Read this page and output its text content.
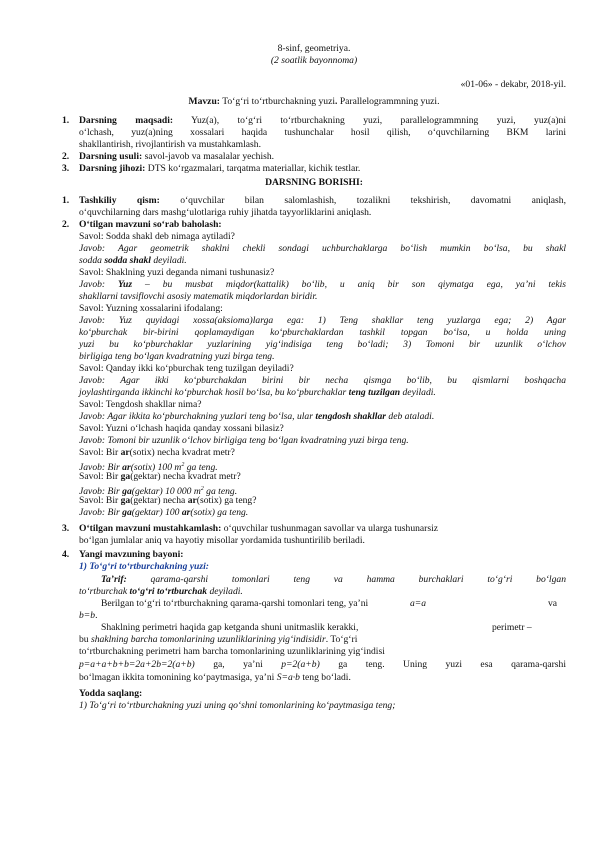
8-sinf, geometriya.
(2 soatlik bayonnoma)
«01-06» - dekabr, 2018-yil.
Mavzu: To‘g‘ri to‘rtburchakning yuzi. Parallelogrammning yuzi.
1. Darsning maqsadi: Yuz(a), to‘g‘ri to‘rtburchakning yuzi, parallelogrammning yuzi, yuz(a)ni
o‘lchash, yuz(a)ning xossalari haqida tushunchalar hosil qilish, o‘quvchilarning BKM larini
shakllantirish, rivojlantirish va mustahkamlash.
2. Darsning usuli: savol-javob va masalalar yechish.
3. Darsning jihozi: DTS ko‘rgazmalari, tarqatma materiallar, kichik testlar.
DARSNING BORISHI:
1. Tashkiliy qism: o‘quvchilar bilan salomlashish, tozalikni tekshirish, davomatni aniqlash,
o‘quvchilarning dars mashg‘ulotlariga ruhiy jihatda tayyorliklarini aniqlash.
2. O‘tilgan mavzuni so‘rab baholash:
Savol: Sodda shakl deb nimaga aytiladi?
Javob: Agar geometrik shaklni chekli sondagi uchburchaklarga bo‘lish mumkin bo‘lsa, bu shakl
sodda sodda shakl deyiladi.
Savol: Shaklning yuzi deganda nimani tushunasiz?
Javob: Yuz – bu musbat miqdor(kattalik) bo‘lib, u aniq bir son qiymatga ega, ya’ni tekis
shakllarni tavsiflovchi asosiy matematik miqdorlardan biridir.
Savol: Yuzning xossalarini ifodalang:
Javob: Yuz quyidagi xossa(aksioma)larga ega: 1) Teng shakllar teng yuzlarga ega; 2) Agar
ko‘pburchak bir-birini qoplamaydigan ko‘pburchaklardan tashkil topgan bo‘lsa, u holda uning
yuzi bu ko‘pburchaklar yuzlarining yig‘indisiga teng bo‘ladi; 3) Tomoni bir uzunlik o‘lchov
birligiga teng bo‘lgan kvadratning yuzi birga teng.
Savol: Qanday ikki ko‘pburchak teng tuzilgan deyiladi?
Javob: Agar ikki ko‘pburchakdan birini bir necha qismga bo‘lib, bu qismlarni boshqacha
joylashtirganda ikkinchi ko‘pburchak hosil bo‘lsa, bu ko‘pburchaklar teng tuzilgan deyiladi.
Savol: Tengdosh shakllar nima?
Javob: Agar ikkita ko‘pburchakning yuzlari teng bo‘lsa, ular tengdosh shakllar deb ataladi.
Savol: Yuzni o‘lchash haqida qanday xossani bilasiz?
Javob: Tomoni bir uzunlik o‘lchov birligiga teng bo‘lgan kvadratning yuzi birga teng.
Savol: Bir ar(sotix) necha kvadrat metr?
Javob: Bir ar(sotix) 100 $m^2$ ga teng.
Savol: Bir ga(gektar) necha kvadrat metr?
Javob: Bir ga(gektar) 10 000 $m^2$ ga teng.
Savol: Bir ga(gektar) necha ar(sotix) ga teng?
Javob: Bir ga(gektar) 100 ar(sotix) ga teng.
3. O‘tilgan mavzuni mustahkamlash: o‘quvchilar tushunmagan savollar va ularga tushunarsiz
bo‘lgan jumlalar aniq va hayotiy misollar yordamida tushuntirilib beriladi.
4. Yangi mavzuning bayoni:
1) To‘g‘ri to‘rtburchakning yuzi:
Ta’rif: qarama-qarshi tomonlari teng va hamma burchaklari to‘g‘ri bo‘lgan
to‘rtburchak to‘g‘ri to‘rtburchak deyiladi.
Berilgan to‘g‘ri to‘rtburchakning qarama-qarshi tomonlari teng, ya’ni	a=a	va
b=b.
Shaklning perimetri haqida gap ketganda shuni unitmaslik kerakki,	perimetr –
bu shaklning barcha tomonlarining uzunliklarining yig‘indisidir. To‘g‘ri
to‘rtburchakning perimetri ham barcha tomonlarining uzunliklarining yig‘indisi
p=a+a+b+b=2a+2b=2(a+b) ga, ya’ni p=2(a+b) ga teng. Uning yuzi esa qarama-qarshi
bo‘lmagan ikkita tomonining ko‘paytmasiga, ya’ni S=a·b teng bo‘ladi.
Yodda saqlang:
1) To‘g‘ri to‘rtburchakning yuzi uning qo‘shni tomonlarining ko‘paytmasiga teng;
